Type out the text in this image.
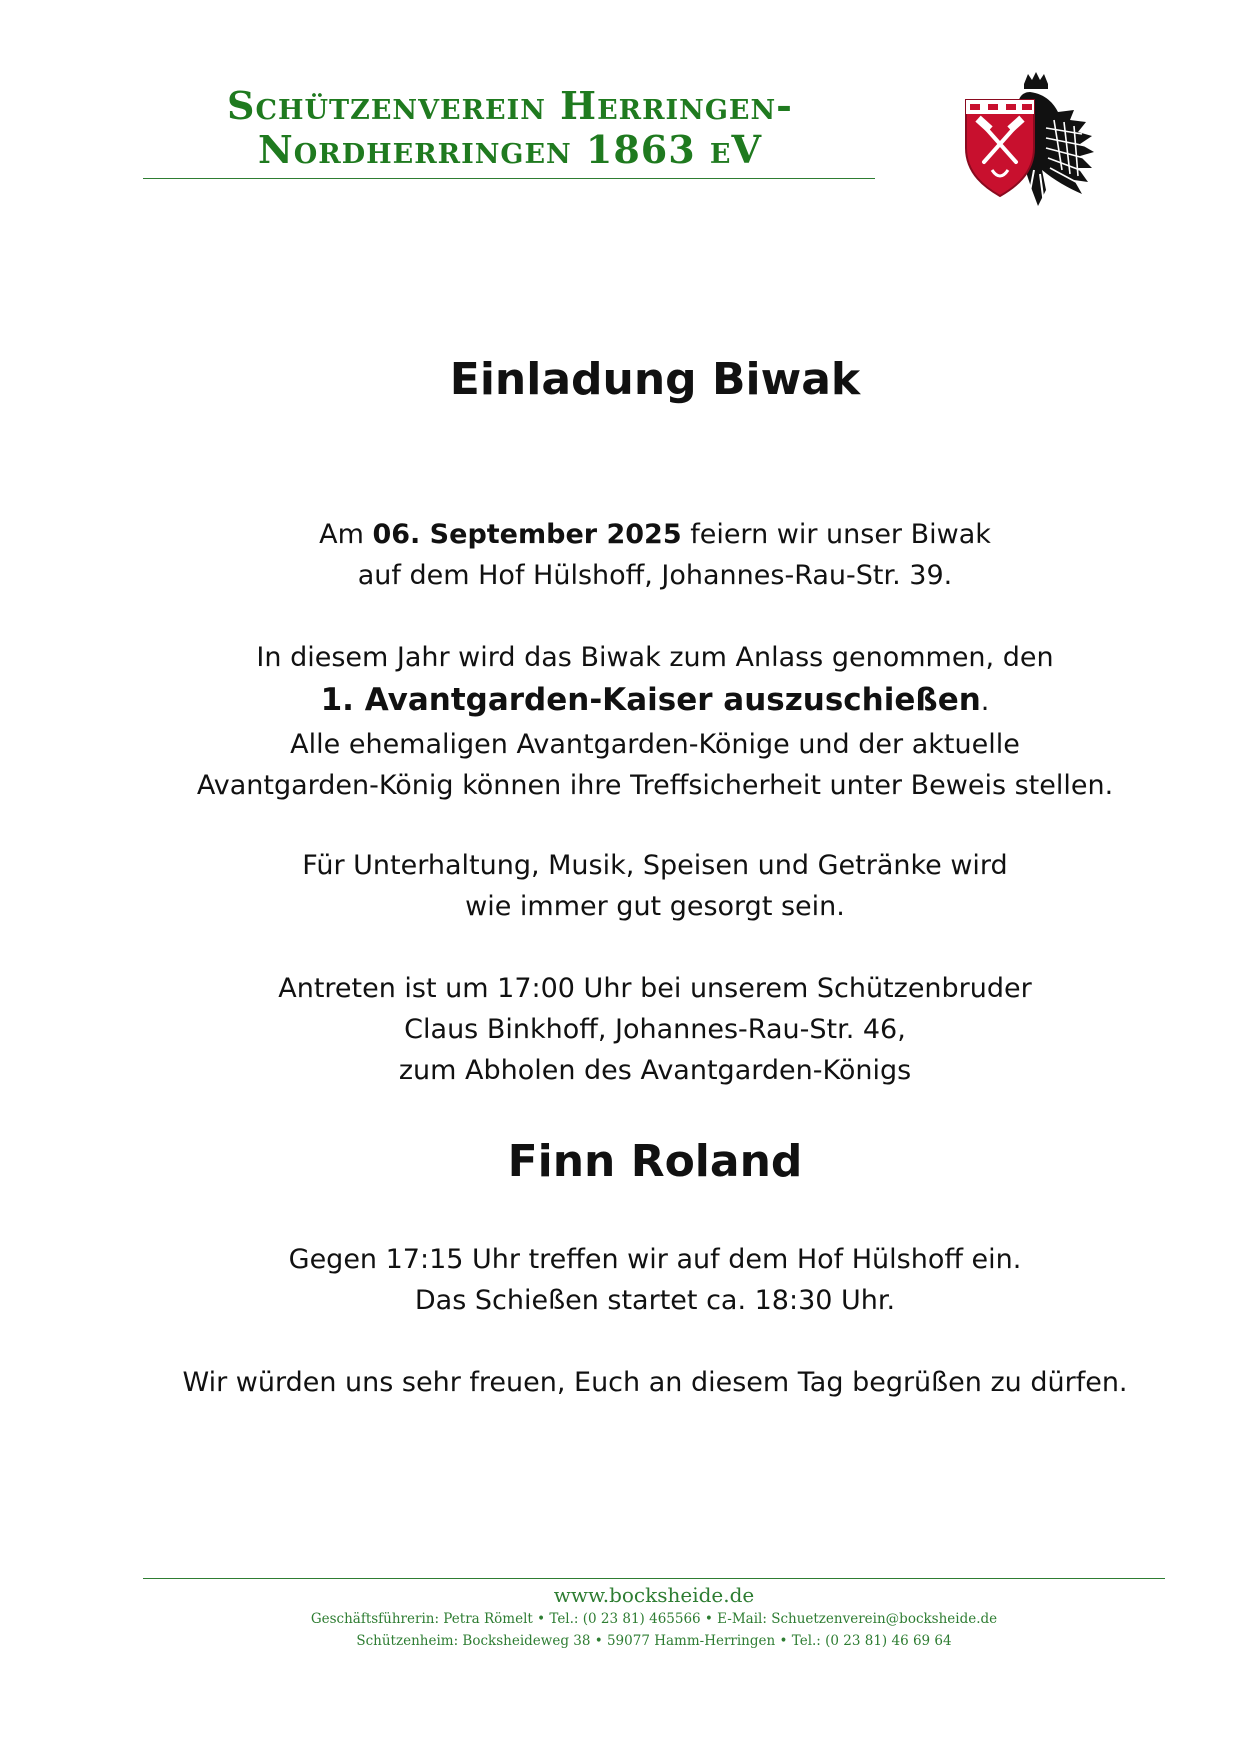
Schützenverein Herringen-
Nordherringen 1863 eV
Einladung Biwak

Am 06. September 2025 feiern wir unser Biwak

auf dem Hof Hülshoff, Johannes-Rau-Str. 39.

In diesem Jahr wird das Biwak zum Anlass genommen, den

1. Avantgarden-Kaiser auszuschießen.

Alle ehemaligen Avantgarden-Könige und der aktuelle

Avantgarden-König können ihre Treffsicherheit unter Beweis stellen.

Für Unterhaltung, Musik, Speisen und Getränke wird

wie immer gut gesorgt sein.

Antreten ist um 17:00 Uhr bei unserem Schützenbruder

Claus Binkhoff, Johannes-Rau-Str. 46,

zum Abholen des Avantgarden-Königs

Finn Roland

Gegen 17:15 Uhr treffen wir auf dem Hof Hülshoff ein.

Das Schießen startet ca. 18:30 Uhr.

Wir würden uns sehr freuen, Euch an diesem Tag begrüßen zu dürfen.

www.bocksheide.de
Geschäftsführerin: Petra Römelt • Tel.: (0 23 81) 465566 • E-Mail: Schuetzenverein@bocksheide.de
Schützenheim: Bocksheideweg 38 • 59077 Hamm-Herringen • Tel.: (0 23 81) 46 69 64
